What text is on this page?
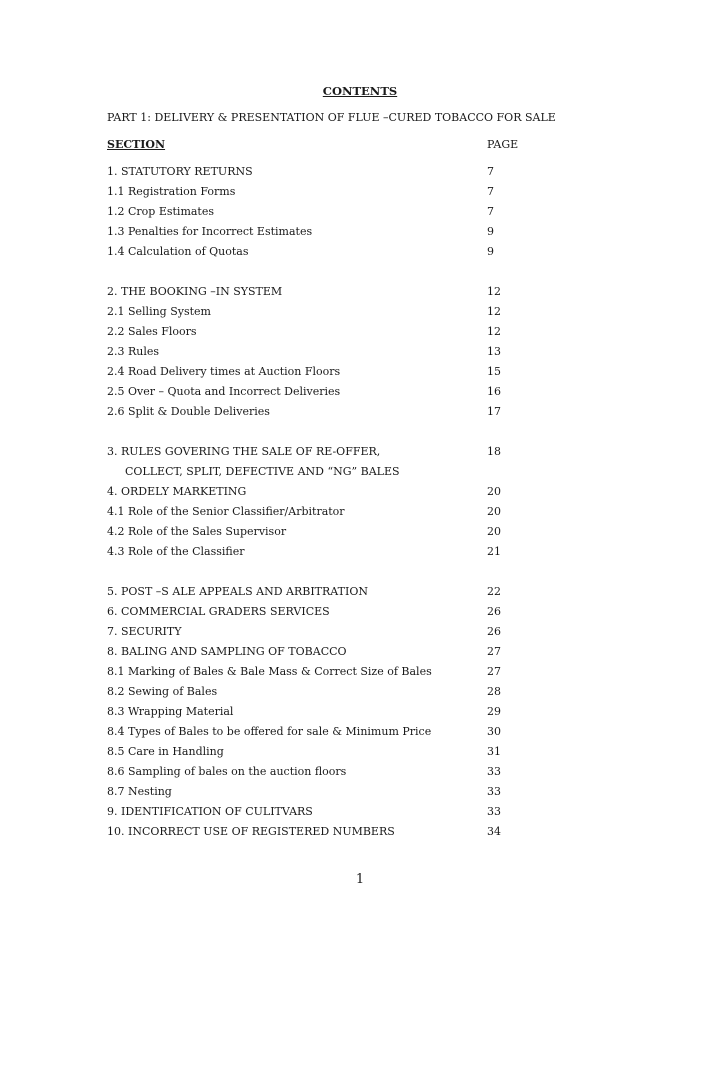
CONTENTS
PART 1: DELIVERY & PRESENTATION OF FLUE –CURED TOBACCO FOR SALE
SECTION	PAGE
1. STATUTORY RETURNS	7
1.1 Registration Forms	7
1.2 Crop Estimates	7
1.3 Penalties for Incorrect Estimates	9
1.4 Calculation of Quotas	9
2. THE BOOKING –IN SYSTEM	12
2.1 Selling System	12
2.2 Sales Floors	12
2.3 Rules	13
2.4 Road Delivery times at Auction Floors	15
2.5 Over – Quota and Incorrect Deliveries	16
2.6 Split & Double Deliveries	17
3. RULES GOVERING THE SALE OF RE-OFFER,	18
COLLECT, SPLIT, DEFECTIVE AND “NG” BALES
4. ORDELY MARKETING	20
4.1 Role of the Senior Classifier/Arbitrator	20
4.2 Role of the Sales Supervisor	20
4.3 Role of the Classifier	21
5. POST –S ALE APPEALS AND ARBITRATION	22
6. COMMERCIAL GRADERS SERVICES	26
7. SECURITY	26
8. BALING AND SAMPLING OF TOBACCO	27
8.1 Marking of Bales & Bale Mass & Correct Size of Bales	27
8.2 Sewing of Bales	28
8.3 Wrapping Material	29
8.4 Types of Bales to be offered for sale & Minimum Price	30
8.5 Care in Handling	31
8.6 Sampling of bales on the auction floors	33
8.7 Nesting	33
9. IDENTIFICATION OF CULITVARS	33
10. INCORRECT USE OF REGISTERED NUMBERS	34
1
